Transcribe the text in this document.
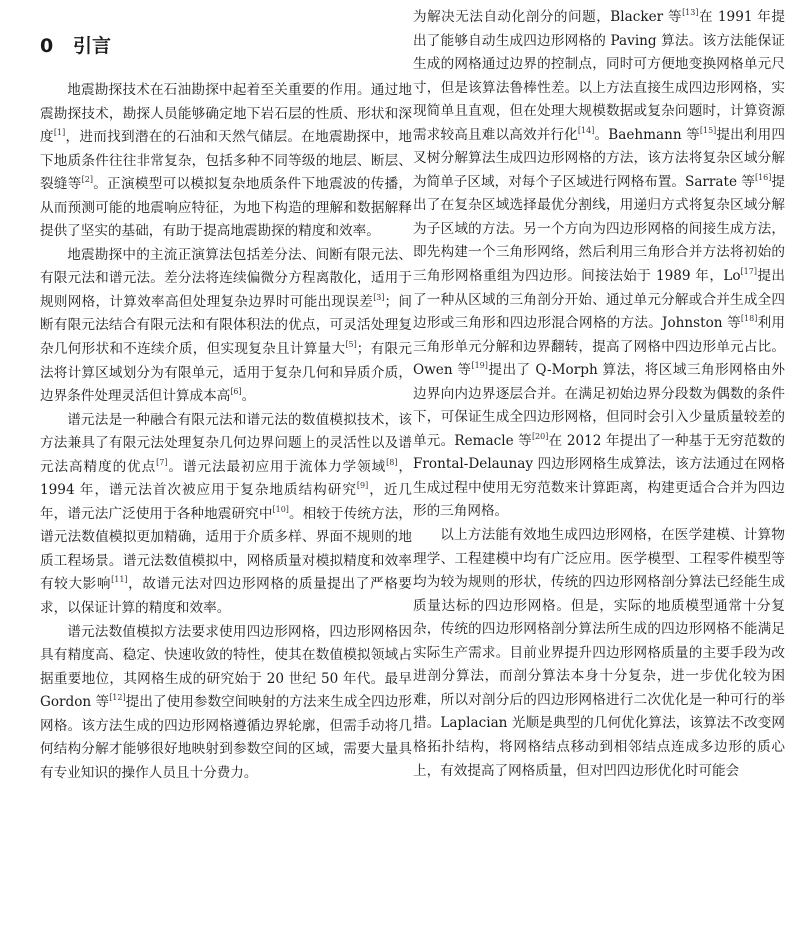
0 引言

地震勘探技术在石油勘探中起着至关重要的作用。通过地震勘探技术，勘探人员能够确定地下岩石层的性质、形状和深度[1]，进而找到潜在的石油和天然气储层。在地震勘探中，地下地质条件往往非常复杂，包括多种不同等级的地层、断层、裂缝等[2]。正演模型可以模拟复杂地质条件下地震波的传播，从而预测可能的地震响应特征，为地下构造的理解和数据解释提供了坚实的基础，有助于提高地震勘探的精度和效率。

地震勘探中的主流正演算法包括差分法、间断有限元法、有限元法和谱元法。差分法将连续偏微分方程离散化，适用于规则网格，计算效率高但处理复杂边界时可能出现误差[3]；间断有限元法结合有限元法和有限体积法的优点，可灵活处理复杂几何形状和不连续介质，但实现复杂且计算量大[5]；有限元法将计算区域划分为有限单元，适用于复杂几何和异质介质，边界条件处理灵活但计算成本高[6]。

谱元法是一种融合有限元法和谱元法的数值模拟技术，该方法兼具了有限元法处理复杂几何边界问题上的灵活性以及谱元法高精度的优点[7]。谱元法最初应用于流体力学领域[8]，1994 年，谱元法首次被应用于复杂地质结构研究[9]，近几年，谱元法广泛使用于各种地震研究中[10]。相较于传统方法，谱元法数值模拟更加精确，适用于介质多样、界面不规则的地质工程场景。谱元法数值模拟中，网格质量对模拟精度和效率有较大影响[11]，故谱元法对四边形网格的质量提出了严格要求，以保证计算的精度和效率。

谱元法数值模拟方法要求使用四边形网格，四边形网格因具有精度高、稳定、快速收敛的特性，使其在数值模拟领域占据重要地位，其网格生成的研究始于 20 世纪 50 年代。最早 Gordon 等[12]提出了使用参数空间映射的方法来生成全四边形网格。该方法生成的四边形网格遵循边界轮廓，但需手动将几何结构分解才能够很好地映射到参数空间的区域，需要大量具有专业知识的操作人员且十分费力。

为解决无法自动化剖分的问题，Blacker 等[13]在 1991 年提出了能够自动生成四边形网格的 Paving 算法。该方法能保证生成的网格通过边界的控制点，同时可方便地变换网格单元尺寸，但是该算法鲁棒性差。以上方法直接生成四边形网格，实现简单且直观，但在处理大规模数据或复杂问题时，计算资源需求较高且难以高效并行化[14]。Baehmann 等[15]提出利用四叉树分解算法生成四边形网格的方法，该方法将复杂区域分解为简单子区域，对每个子区域进行网格布置。Sarrate 等[16]提出了在复杂区域选择最优分割线，用递归方式将复杂区域分解为子区域的方法。另一个方向为四边形网格的间接生成方法，即先构建一个三角形网络，然后利用三角形合并方法将初始的三角形网格重组为四边形。间接法始于 1989 年，Lo[17]提出了一种从区域的三角剖分开始、通过单元分解或合并生成全四边形或三角形和四边形混合网格的方法。Johnston 等[18]利用三角形单元分解和边界翻转，提高了网格中四边形单元占比。Owen 等[19]提出了 Q-Morph 算法，将区域三角形网格由外边界向内边界逐层合并。在满足初始边界分段数为偶数的条件下，可保证生成全四边形网格，但同时会引入少量质量较差的单元。Remacle 等[20]在 2012 年提出了一种基于无穷范数的 Frontal-Delaunay 四边形网格生成算法，该方法通过在网格生成过程中使用无穷范数来计算距离，构建更适合合并为四边形的三角网格。

以上方法能有效地生成四边形网格，在医学建模、计算物理学、工程建模中均有广泛应用。医学模型、工程零件模型等均为较为规则的形状，传统的四边形网格剖分算法已经能生成质量达标的四边形网格。但是，实际的地质模型通常十分复杂，传统的四边形网格剖分算法所生成的四边形网格不能满足实际生产需求。目前业界提升四边形网格质量的主要手段为改进剖分算法，而剖分算法本身十分复杂，进一步优化较为困难，所以对剖分后的四边形网格进行二次优化是一种可行的举措。Laplacian 光顺是典型的几何优化算法，该算法不改变网格拓扑结构，将网格结点移动到相邻结点连成多边形的质心上，有效提高了网格质量，但对凹四边形优化时可能会
